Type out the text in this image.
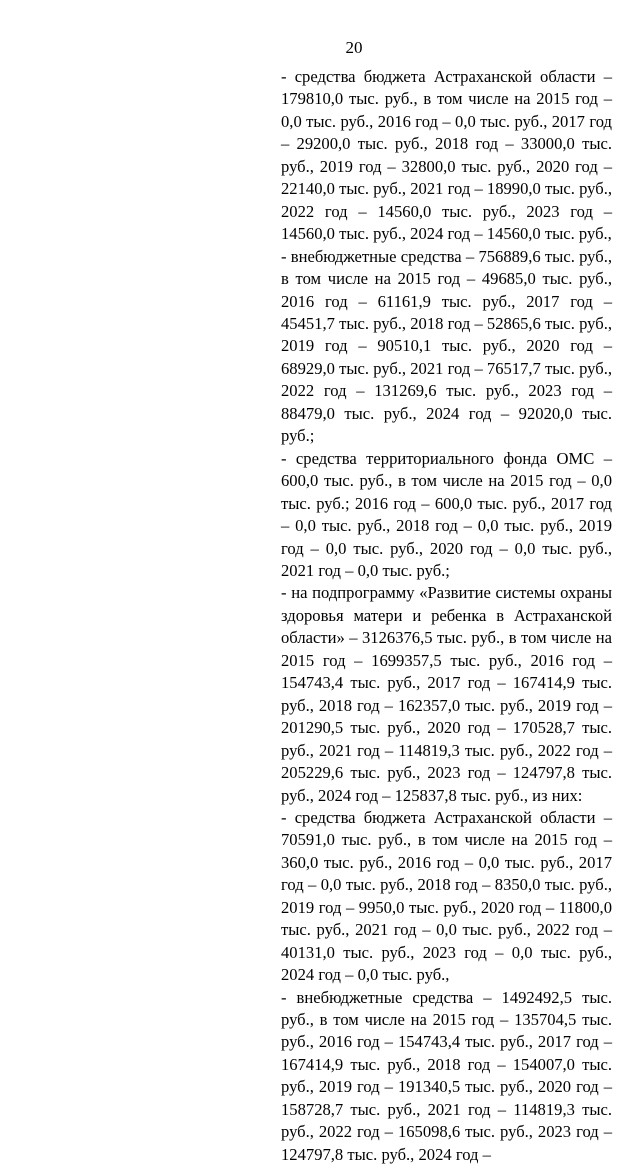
20

- средства бюджета Астраханской области – 179810,0 тыс. руб., в том числе на 2015 год – 0,0 тыс. руб., 2016 год – 0,0 тыс. руб., 2017 год – 29200,0 тыс. руб., 2018 год – 33000,0 тыс. руб., 2019 год – 32800,0 тыс. руб., 2020 год – 22140,0 тыс. руб., 2021 год – 18990,0 тыс. руб., 2022 год – 14560,0 тыс. руб., 2023 год – 14560,0 тыс. руб., 2024 год – 14560,0 тыс. руб.,

- внебюджетные средства – 756889,6 тыс. руб., в том числе на 2015 год – 49685,0 тыс. руб., 2016 год – 61161,9 тыс. руб., 2017 год – 45451,7 тыс. руб., 2018 год – 52865,6 тыс. руб., 2019 год – 90510,1 тыс. руб., 2020 год – 68929,0 тыс. руб., 2021 год – 76517,7 тыс. руб., 2022 год – 131269,6 тыс. руб., 2023 год – 88479,0 тыс. руб., 2024 год – 92020,0 тыс. руб.;

- средства территориального фонда ОМС – 600,0 тыс. руб., в том числе на 2015 год – 0,0 тыс. руб.; 2016 год – 600,0 тыс. руб., 2017 год – 0,0 тыс. руб., 2018 год – 0,0 тыс. руб., 2019 год – 0,0 тыс. руб., 2020 год – 0,0 тыс. руб., 2021 год – 0,0 тыс. руб.;

- на подпрограмму «Развитие системы охраны здоровья матери и ребенка в Астраханской области» – 3126376,5 тыс. руб., в том числе на 2015 год – 1699357,5 тыс. руб., 2016 год – 154743,4 тыс. руб., 2017 год – 167414,9 тыс. руб., 2018 год – 162357,0 тыс. руб., 2019 год – 201290,5 тыс. руб., 2020 год – 170528,7 тыс. руб., 2021 год – 114819,3 тыс. руб., 2022 год – 205229,6 тыс. руб., 2023 год – 124797,8 тыс. руб., 2024 год – 125837,8 тыс. руб., из них:

- средства бюджета Астраханской области – 70591,0 тыс. руб., в том числе на 2015 год – 360,0 тыс. руб., 2016 год – 0,0 тыс. руб., 2017 год – 0,0 тыс. руб., 2018 год – 8350,0 тыс. руб., 2019 год – 9950,0 тыс. руб., 2020 год – 11800,0 тыс. руб., 2021 год – 0,0 тыс. руб., 2022 год – 40131,0 тыс. руб., 2023 год – 0,0 тыс. руб., 2024 год – 0,0 тыс. руб.,

- внебюджетные средства – 1492492,5 тыс. руб., в том числе на 2015 год – 135704,5 тыс. руб., 2016 год – 154743,4 тыс. руб., 2017 год – 167414,9 тыс. руб., 2018 год – 154007,0 тыс. руб., 2019 год – 191340,5 тыс. руб., 2020 год – 158728,7 тыс. руб., 2021 год – 114819,3 тыс. руб., 2022 год – 165098,6 тыс. руб., 2023 год – 124797,8 тыс. руб., 2024 год –
